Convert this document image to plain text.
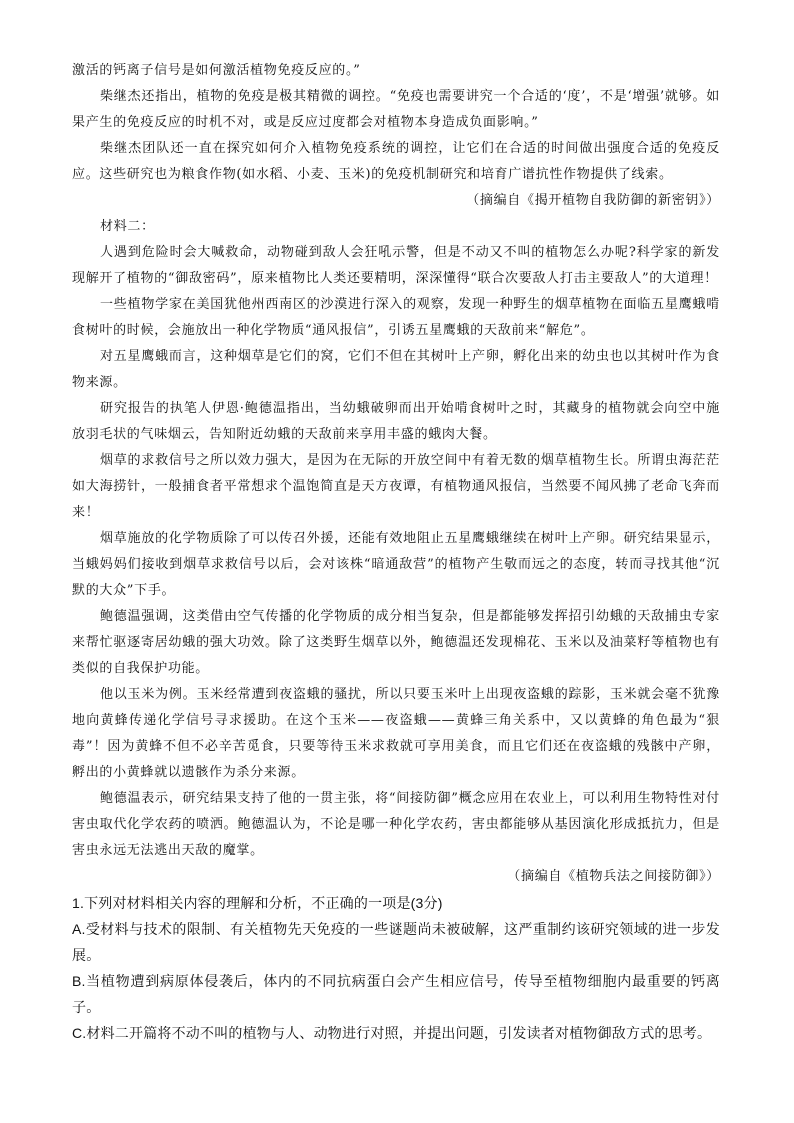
激活的钙离子信号是如何激活植物免疫反应的。”

柴继杰还指出，植物的免疫是极其精微的调控。“免疫也需要讲究一个合适的‘度’，不是‘增强’就够。如果产生的免疫反应的时机不对，或是反应过度都会对植物本身造成负面影响。”

柴继杰团队还一直在探究如何介入植物免疫系统的调控，让它们在合适的时间做出强度合适的免疫反应。这些研究也为粮食作物(如水稻、小麦、玉米)的免疫机制研究和培育广谱抗性作物提供了线索。

（摘编自《揭开植物自我防御的新密钥》）

材料二：

人遇到危险时会大喊救命，动物碰到敌人会狂吼示警，但是不动又不叫的植物怎么办呢?科学家的新发现解开了植物的“御敌密码”，原来植物比人类还要精明，深深懂得“联合次要敌人打击主要敌人”的大道理！

一些植物学家在美国犹他州西南区的沙漠进行深入的观察，发现一种野生的烟草植物在面临五星鹰蛾啃食树叶的时候，会施放出一种化学物质“通风报信”，引诱五星鹰蛾的天敌前来“解危”。

对五星鹰蛾而言，这种烟草是它们的窝，它们不但在其树叶上产卵，孵化出来的幼虫也以其树叶作为食物来源。

研究报告的执笔人伊恩·鲍德温指出，当幼蛾破卵而出开始啃食树叶之时，其藏身的植物就会向空中施放羽毛状的气味烟云，告知附近幼蛾的天敌前来享用丰盛的蛾肉大餐。

烟草的求救信号之所以效力强大，是因为在无际的开放空间中有着无数的烟草植物生长。所谓虫海茫茫如大海捞针，一般捕食者平常想求个温饱简直是天方夜谭，有植物通风报信，当然要不闻风拂了老命飞奔而来！

烟草施放的化学物质除了可以传召外援，还能有效地阻止五星鹰蛾继续在树叶上产卵。研究结果显示，当蛾妈妈们接收到烟草求救信号以后，会对该株“暗通敌营”的植物产生敬而远之的态度，转而寻找其他“沉默的大众”下手。

鲍德温强调，这类借由空气传播的化学物质的成分相当复杂，但是都能够发挥招引幼蛾的天敌捕虫专家来帮忙驱逐寄居幼蛾的强大功效。除了这类野生烟草以外，鲍德温还发现棉花、玉米以及油菜籽等植物也有类似的自我保护功能。

他以玉米为例。玉米经常遭到夜盗蛾的骚扰，所以只要玉米叶上出现夜盗蛾的踪影，玉米就会毫不犹豫地向黄蜂传递化学信号寻求援助。在这个玉米——夜盗蛾——黄蜂三角关系中，又以黄蜂的角色最为“狠毒”！因为黄蜂不但不必辛苦觅食，只要等待玉米求救就可享用美食，而且它们还在夜盗蛾的残骸中产卵，孵出的小黄蜂就以遗骸作为杀分来源。

鲍德温表示，研究结果支持了他的一贯主张，将“间接防御”概念应用在农业上，可以利用生物特性对付害虫取代化学农药的喷洒。鲍德温认为，不论是哪一种化学农药，害虫都能够从基因演化形成抵抗力，但是害虫永远无法逃出天敌的魔掌。

（摘编自《植物兵法之间接防御》）

1.下列对材料相关内容的理解和分析，不正确的一项是(3分)

A.受材料与技术的限制、有关植物先天免疫的一些谜题尚未被破解，这严重制约该研究领域的进一步发展。

B.当植物遭到病原体侵袭后，体内的不同抗病蛋白会产生相应信号，传导至植物细胞内最重要的钙离子。

C.材料二开篇将不动不叫的植物与人、动物进行对照，并提出问题，引发读者对植物御敌方式的思考。
